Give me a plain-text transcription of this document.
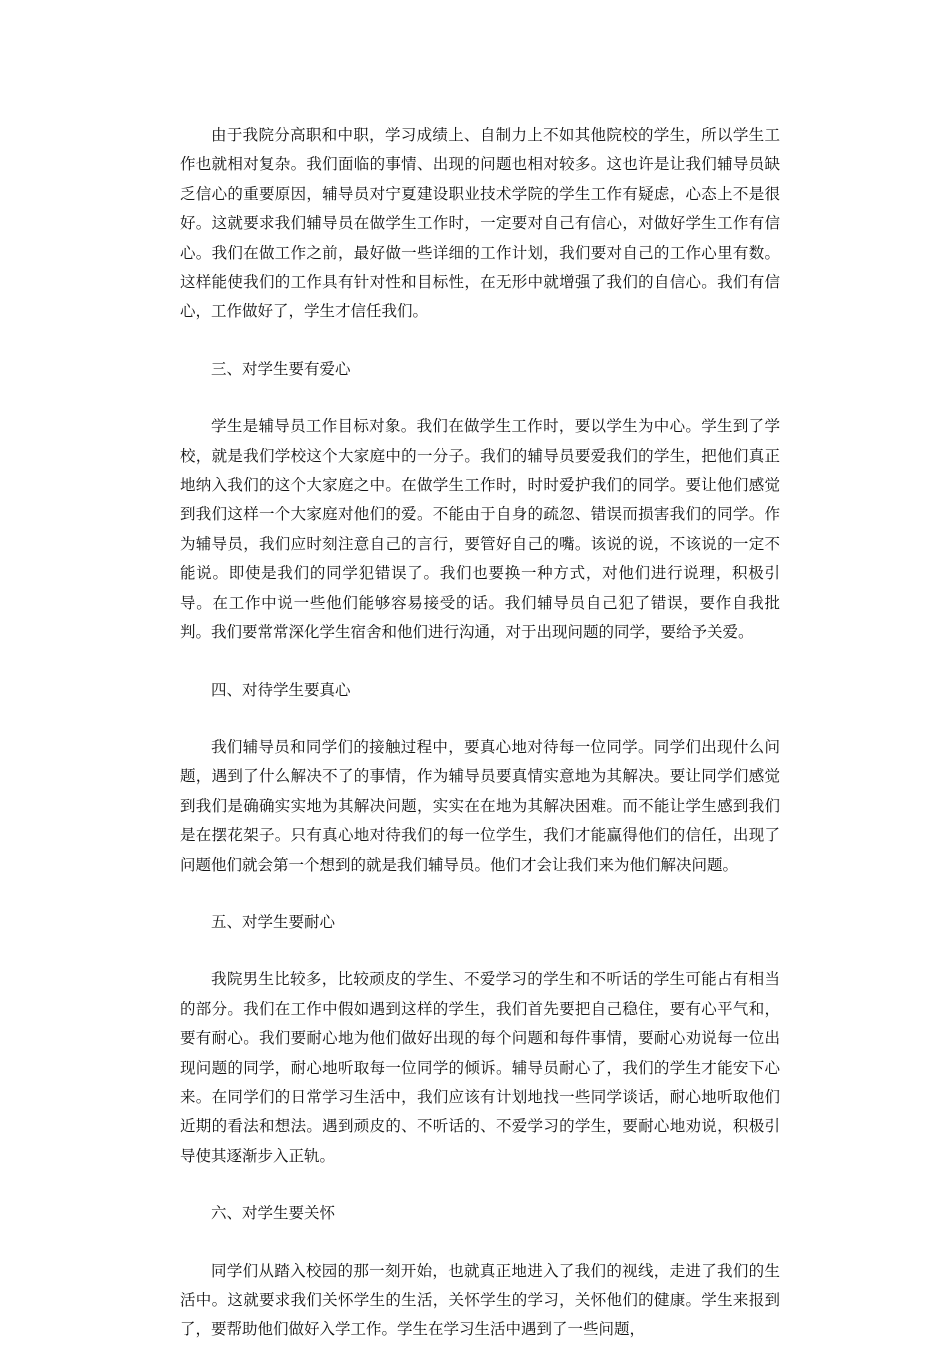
由于我院分高职和中职，学习成绩上、自制力上不如其他院校的学生，所以学生工作也就相对复杂。我们面临的事情、出现的问题也相对较多。这也许是让我们辅导员缺乏信心的重要原因，辅导员对宁夏建设职业技术学院的学生工作有疑虑，心态上不是很好。这就要求我们辅导员在做学生工作时，一定要对自己有信心，对做好学生工作有信心。我们在做工作之前，最好做一些详细的工作计划，我们要对自己的工作心里有数。这样能使我们的工作具有针对性和目标性，在无形中就增强了我们的自信心。我们有信心，工作做好了，学生才信任我们。

三、对学生要有爱心

学生是辅导员工作目标对象。我们在做学生工作时，要以学生为中心。学生到了学校，就是我们学校这个大家庭中的一分子。我们的辅导员要爱我们的学生，把他们真正地纳入我们的这个大家庭之中。在做学生工作时，时时爱护我们的同学。要让他们感觉到我们这样一个大家庭对他们的爱。不能由于自身的疏忽、错误而损害我们的同学。作为辅导员，我们应时刻注意自己的言行，要管好自己的嘴。该说的说，不该说的一定不能说。即使是我们的同学犯错误了。我们也要换一种方式，对他们进行说理，积极引导。在工作中说一些他们能够容易接受的话。我们辅导员自己犯了错误，要作自我批判。我们要常常深化学生宿舍和他们进行沟通，对于出现问题的同学，要给予关爱。

四、对待学生要真心

我们辅导员和同学们的接触过程中，要真心地对待每一位同学。同学们出现什么问题，遇到了什么解决不了的事情，作为辅导员要真情实意地为其解决。要让同学们感觉到我们是确确实实地为其解决问题，实实在在地为其解决困难。而不能让学生感到我们是在摆花架子。只有真心地对待我们的每一位学生，我们才能赢得他们的信任，出现了问题他们就会第一个想到的就是我们辅导员。他们才会让我们来为他们解决问题。

五、对学生要耐心

我院男生比较多，比较顽皮的学生、不爱学习的学生和不听话的学生可能占有相当的部分。我们在工作中假如遇到这样的学生，我们首先要把自己稳住，要有心平气和，要有耐心。我们要耐心地为他们做好出现的每个问题和每件事情，要耐心劝说每一位出现问题的同学，耐心地听取每一位同学的倾诉。辅导员耐心了，我们的学生才能安下心来。在同学们的日常学习生活中，我们应该有计划地找一些同学谈话，耐心地听取他们近期的看法和想法。遇到顽皮的、不听话的、不爱学习的学生，要耐心地劝说，积极引导使其逐渐步入正轨。

六、对学生要关怀

同学们从踏入校园的那一刻开始，也就真正地进入了我们的视线，走进了我们的生活中。这就要求我们关怀学生的生活，关怀学生的学习，关怀他们的健康。学生来报到了，要帮助他们做好入学工作。学生在学习生活中遇到了一些问题，
